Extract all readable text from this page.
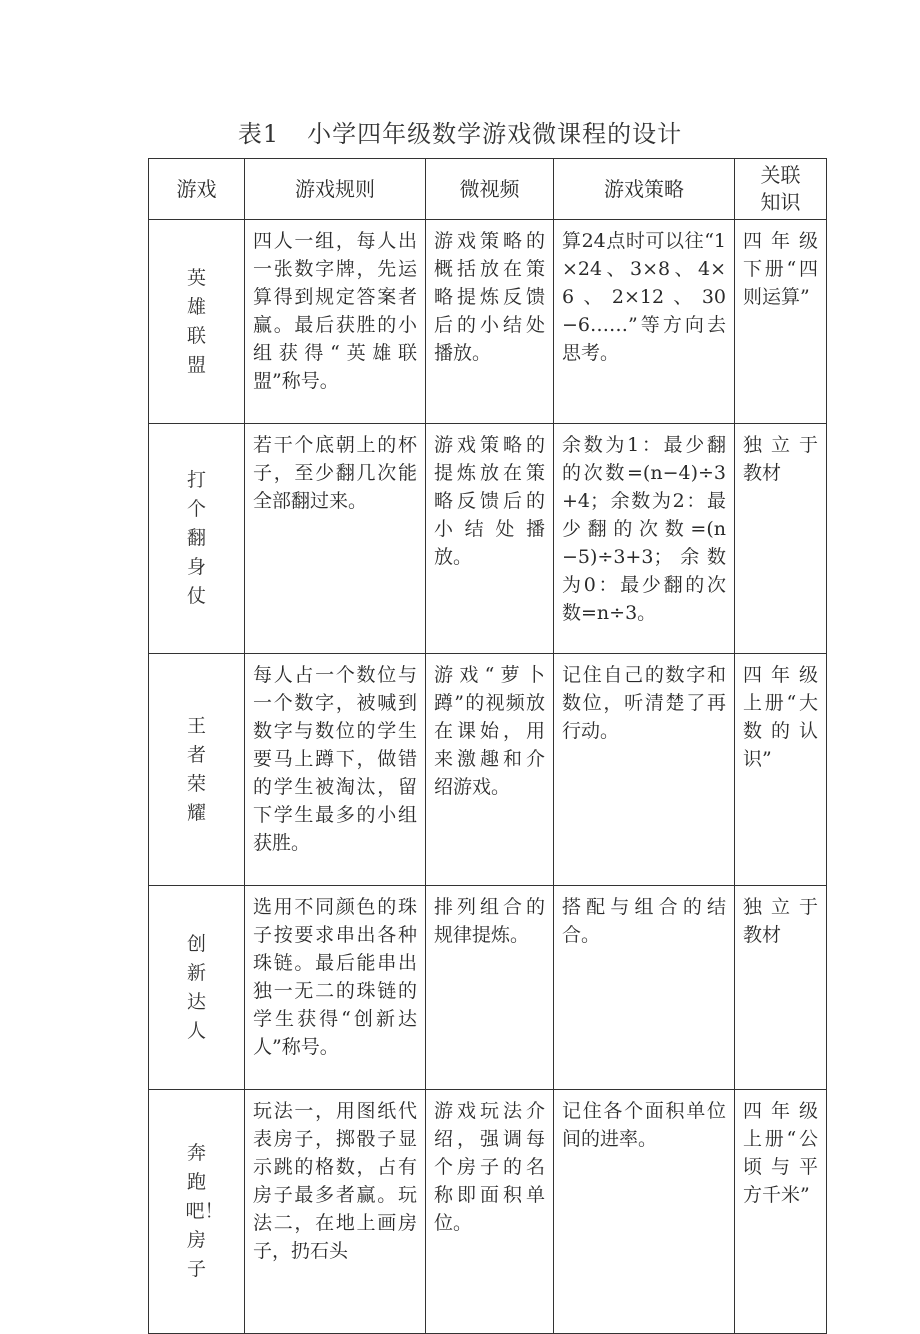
表1 小学四年级数学游戏微课程的设计
游戏	游戏规则	微视频	游戏策略	关联知识
英雄联盟	四人一组，每人出一张数字牌，先运算得到规定答案者赢。最后获胜的小组获得“英雄联盟”称号。	游戏策略的概括放在策略提炼反馈后的小结处播放。	算24点时可以往“1×24、3×8、4×6、2×12、30−6……”等方向去思考。	四年级下册“四则运算”
打个翻身仗	若干个底朝上的杯子，至少翻几次能全部翻过来。	游戏策略的提炼放在策略反馈后的小结处播放。	余数为1：最少翻的次数=(n−4)÷3+4；余数为2：最少翻的次数=(n−5)÷3+3；余数为0：最少翻的次数=n÷3。	独立于教材
王者荣耀	每人占一个数位与一个数字，被喊到数字与数位的学生要马上蹲下，做错的学生被淘汰，留下学生最多的小组获胜。	游戏“萝卜蹲”的视频放在课始，用来激趣和介绍游戏。	记住自己的数字和数位，听清楚了再行动。	四年级上册“大数的认识”
创新达人	选用不同颜色的珠子按要求串出各种珠链。最后能串出独一无二的珠链的学生获得“创新达人”称号。	排列组合的规律提炼。	搭配与组合的结合。	独立于教材
奔跑吧！房子	玩法一，用图纸代表房子，掷骰子显示跳的格数，占有房子最多者赢。玩法二，在地上画房子，扔石头	游戏玩法介绍，强调每个房子的名称即面积单位。	记住各个面积单位间的进率。	四年级上册“公顷与平方千米”
